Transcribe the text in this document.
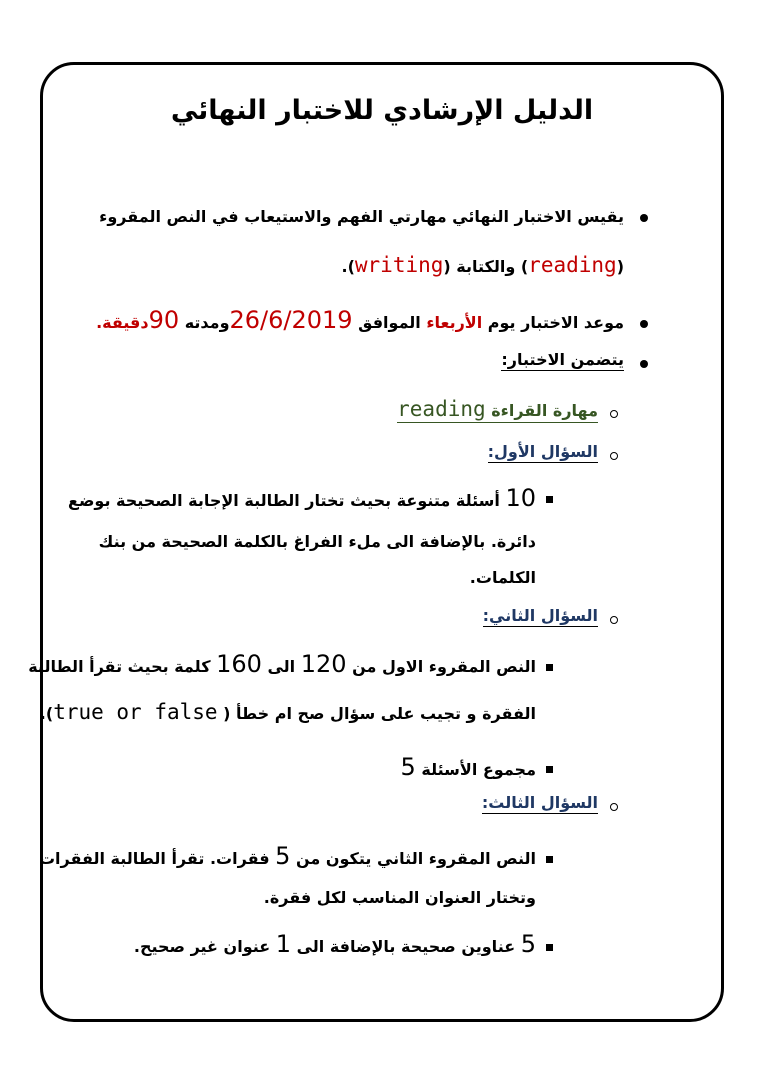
الدليل الإرشادي للاختبار النهائي
يقيس الاختبار النهائي مهارتي الفهم والاستيعاب في النص المقروء
(reading) والكتابة (writing).
موعد الاختبار يوم الأربعاء الموافق 26/6/2019ومدته 90دقيقة.
يتضمن الاختبار:
مهارة القراءة reading
السؤال الأول:
10 أسئلة متنوعة بحيث تختار الطالبة الإجابة الصحيحة بوضع
دائرة. بالإضافة الى ملء الفراغ بالكلمة الصحيحة من بنك
الكلمات.
السؤال الثاني:
النص المقروء الاول من 120 الى 160 كلمة بحيث تقرأ الطالبة
الفقرة و تجيب على سؤال صح ام خطأ ( true or false).
مجموع الأسئلة 5
السؤال الثالث:
النص المقروء الثاني يتكون من 5 فقرات. تقرأ الطالبة الفقرات
وتختار العنوان المناسب لكل فقرة.
5 عناوين صحيحة بالإضافة الى 1 عنوان غير صحيح.
